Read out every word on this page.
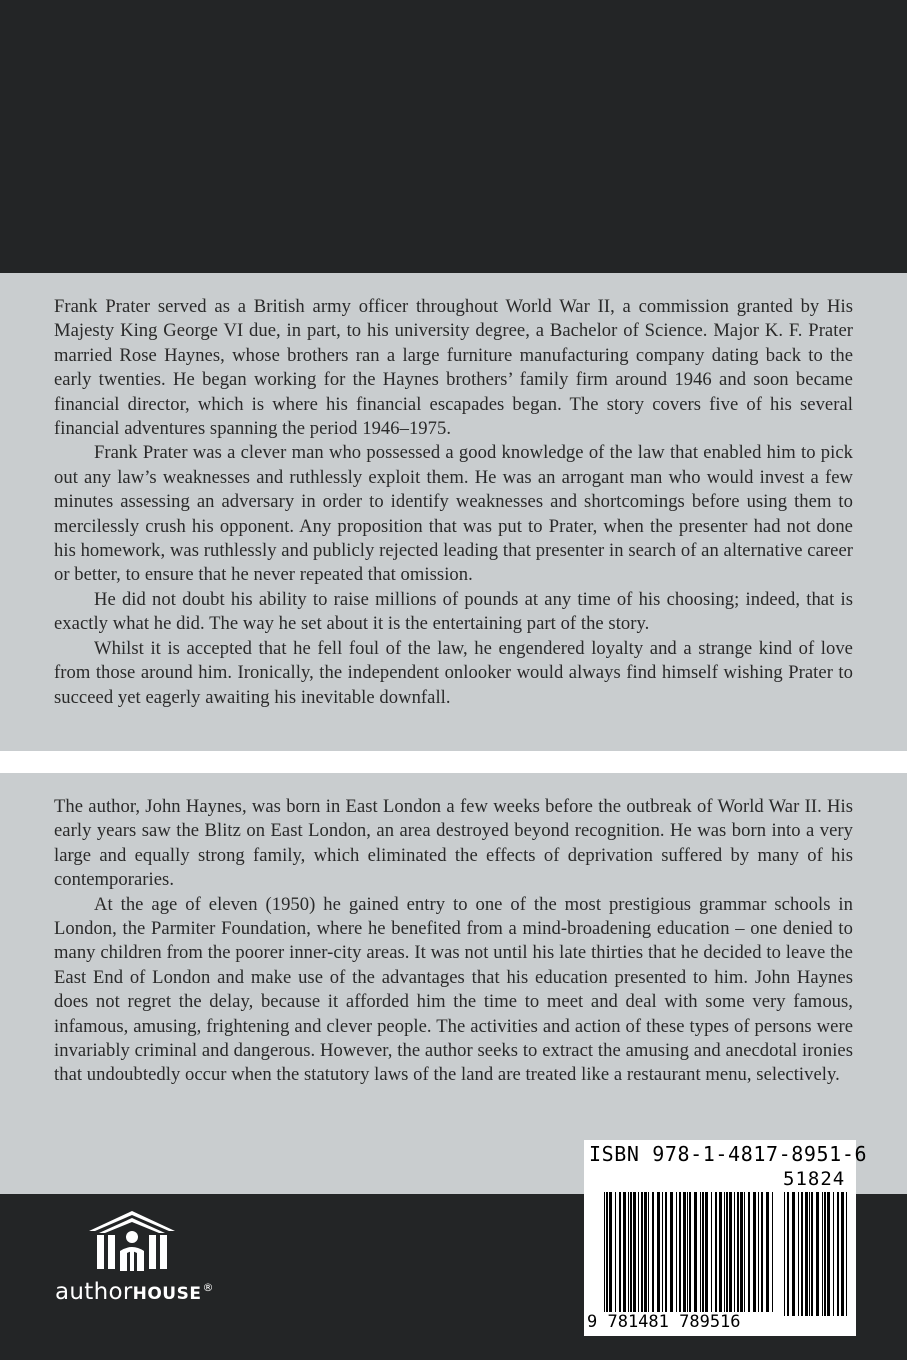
Frank Prater served as a British army officer throughout World War II, a commission granted by His Majesty King George VI due, in part, to his university degree, a Bachelor of Science. Major K. F. Prater married Rose Haynes, whose brothers ran a large furniture manufacturing company dating back to the early twenties. He began working for the Haynes brothers’ family firm around 1946 and soon became financial director, which is where his financial escapades began. The story covers five of his several financial adventures spanning the period 1946–1975.

Frank Prater was a clever man who possessed a good knowledge of the law that enabled him to pick out any law’s weaknesses and ruthlessly exploit them. He was an arrogant man who would invest a few minutes assessing an adversary in order to identify weaknesses and shortcomings before using them to mercilessly crush his opponent. Any proposition that was put to Prater, when the presenter had not done his homework, was ruthlessly and publicly rejected leading that presenter in search of an alternative career or better, to ensure that he never repeated that omission.

He did not doubt his ability to raise millions of pounds at any time of his choosing; indeed, that is exactly what he did. The way he set about it is the entertaining part of the story.

Whilst it is accepted that he fell foul of the law, he engendered loyalty and a strange kind of love from those around him. Ironically, the independent onlooker would always find himself wishing Prater to succeed yet eagerly awaiting his inevitable downfall.

The author, John Haynes, was born in East London a few weeks before the outbreak of World War II. His early years saw the Blitz on East London, an area destroyed beyond recognition. He was born into a very large and equally strong family, which eliminated the effects of deprivation suffered by many of his contemporaries.

At the age of eleven (1950) he gained entry to one of the most prestigious grammar schools in London, the Parmiter Foundation, where he benefited from a mind-broadening education – one denied to many children from the poorer inner-city areas. It was not until his late thirties that he decided to leave the East End of London and make use of the advantages that his education presented to him. John Haynes does not regret the delay, because it afforded him the time to meet and deal with some very famous, infamous, amusing, frightening and clever people. The activities and action of these types of persons were invariably criminal and dangerous. However, the author seeks to extract the amusing and anecdotal ironies that undoubtedly occur when the statutory laws of the land are treated like a restaurant menu, selectively.

authorHOUSE®
ISBN 978-1-4817-8951-6
51824
9 781481 789516
